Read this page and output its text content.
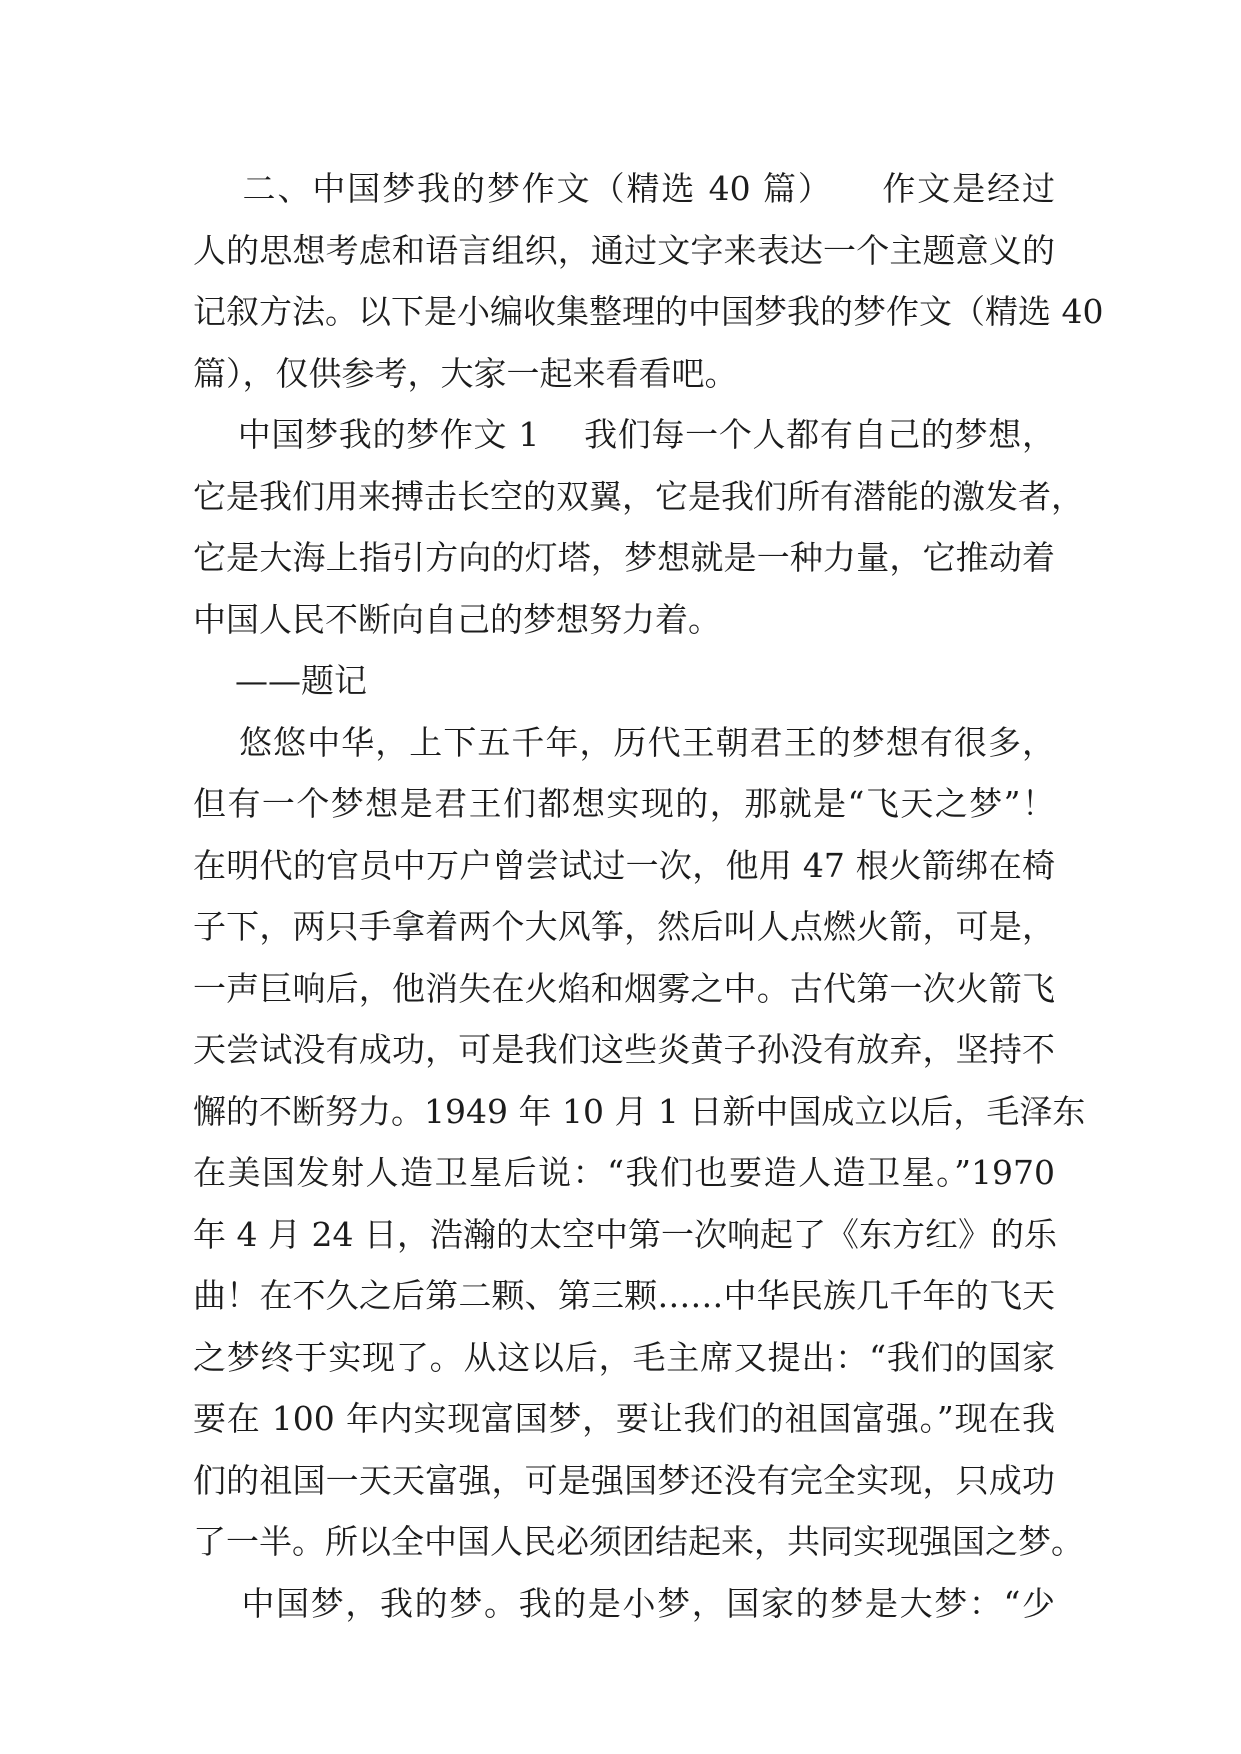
二、中国梦我的梦作文（精选 40 篇）    作文是经过
人的思想考虑和语言组织，通过文字来表达一个主题意义的
记叙方法。以下是小编收集整理的中国梦我的梦作文（精选 40
篇），仅供参考，大家一起来看看吧。
中国梦我的梦作文 1    我们每一个人都有自己的梦想，
它是我们用来搏击长空的双翼，它是我们所有潜能的激发者，
它是大海上指引方向的灯塔，梦想就是一种力量，它推动着
中国人民不断向自己的梦想努力着。
——题记
悠悠中华，上下五千年，历代王朝君王的梦想有很多，
但有一个梦想是君王们都想实现的，那就是“飞天之梦”！
在明代的官员中万户曾尝试过一次，他用 47 根火箭绑在椅
子下，两只手拿着两个大风筝，然后叫人点燃火箭，可是，
一声巨响后，他消失在火焰和烟雾之中。古代第一次火箭飞
天尝试没有成功，可是我们这些炎黄子孙没有放弃，坚持不
懈的不断努力。1949 年 10 月 1 日新中国成立以后，毛泽东
在美国发射人造卫星后说：“我们也要造人造卫星。”1970
年 4 月 24 日，浩瀚的太空中第一次响起了《东方红》的乐
曲！在不久之后第二颗、第三颗……中华民族几千年的飞天
之梦终于实现了。从这以后，毛主席又提出：“我们的国家
要在 100 年内实现富国梦，要让我们的祖国富强。”现在我
们的祖国一天天富强，可是强国梦还没有完全实现，只成功
了一半。所以全中国人民必须团结起来，共同实现强国之梦。
中国梦，我的梦。我的是小梦，国家的梦是大梦：“少
